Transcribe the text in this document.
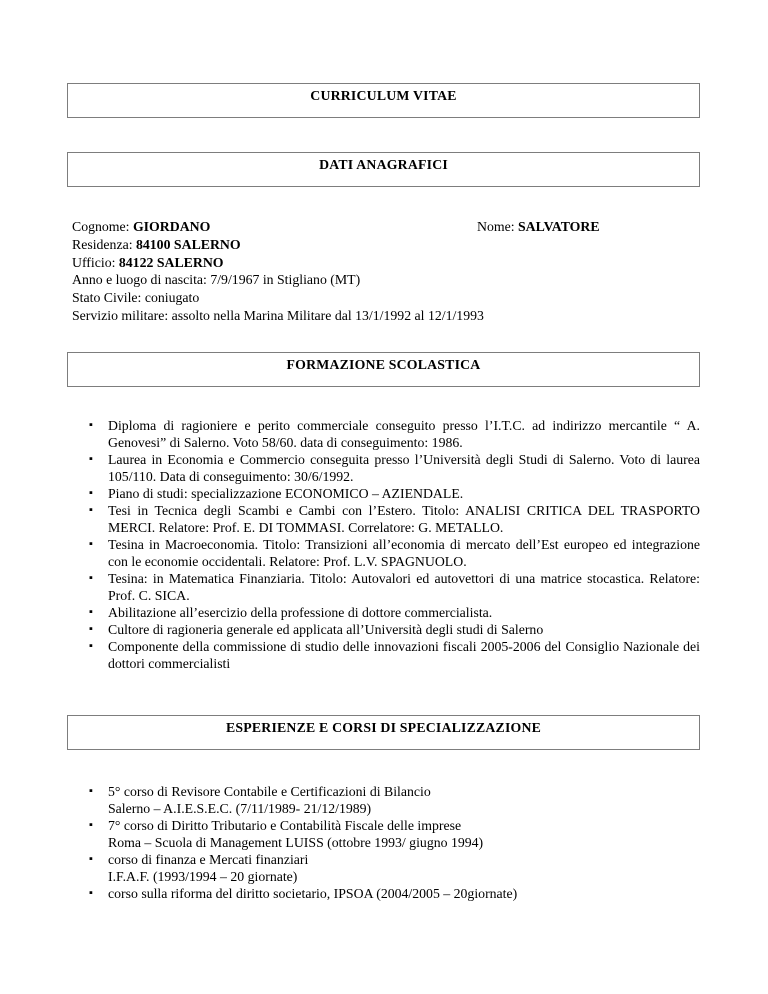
CURRICULUM VITAE
DATI ANAGRAFICI
Cognome: GIORDANO	Nome: SALVATORE
Residenza: 84100 SALERNO
Ufficio: 84122 SALERNO
Anno e luogo di nascita: 7/9/1967 in Stigliano (MT)
Stato Civile: coniugato
Servizio militare: assolto nella Marina Militare dal 13/1/1992 al 12/1/1993
FORMAZIONE SCOLASTICA
▪ Diploma di ragioniere e perito commerciale conseguito presso l’I.T.C. ad indirizzo mercantile “ A. Genovesi” di Salerno. Voto 58/60. data di conseguimento: 1986.
▪ Laurea in Economia e Commercio conseguita presso l’Università degli Studi di Salerno. Voto di laurea 105/110. Data di conseguimento: 30/6/1992.
▪ Piano di studi: specializzazione ECONOMICO – AZIENDALE.
▪ Tesi in Tecnica degli Scambi e Cambi con l’Estero. Titolo: ANALISI CRITICA DEL TRASPORTO MERCI. Relatore: Prof. E. DI TOMMASI. Correlatore: G. METALLO.
▪ Tesina in Macroeconomia. Titolo: Transizioni all’economia di mercato dell’Est europeo ed integrazione con le economie occidentali. Relatore: Prof. L.V. SPAGNUOLO.
▪ Tesina: in Matematica Finanziaria. Titolo: Autovalori ed autovettori di una matrice stocastica. Relatore: Prof. C. SICA.
▪ Abilitazione all’esercizio della professione di dottore commercialista.
▪ Cultore di ragioneria generale ed applicata all’Università degli studi di Salerno
▪ Componente della commissione di studio delle innovazioni fiscali 2005-2006 del Consiglio Nazionale dei dottori commercialisti
ESPERIENZE E CORSI DI SPECIALIZZAZIONE
▪ 5° corso di Revisore Contabile e Certificazioni di Bilancio
Salerno – A.I.E.S.E.C. (7/11/1989- 21/12/1989)
▪ 7° corso di Diritto Tributario e Contabilità Fiscale delle imprese
Roma – Scuola di Management LUISS (ottobre 1993/ giugno 1994)
▪ corso di finanza e Mercati finanziari
I.F.A.F. (1993/1994 – 20 giornate)
▪ corso sulla riforma del diritto societario, IPSOA (2004/2005 – 20giornate)
